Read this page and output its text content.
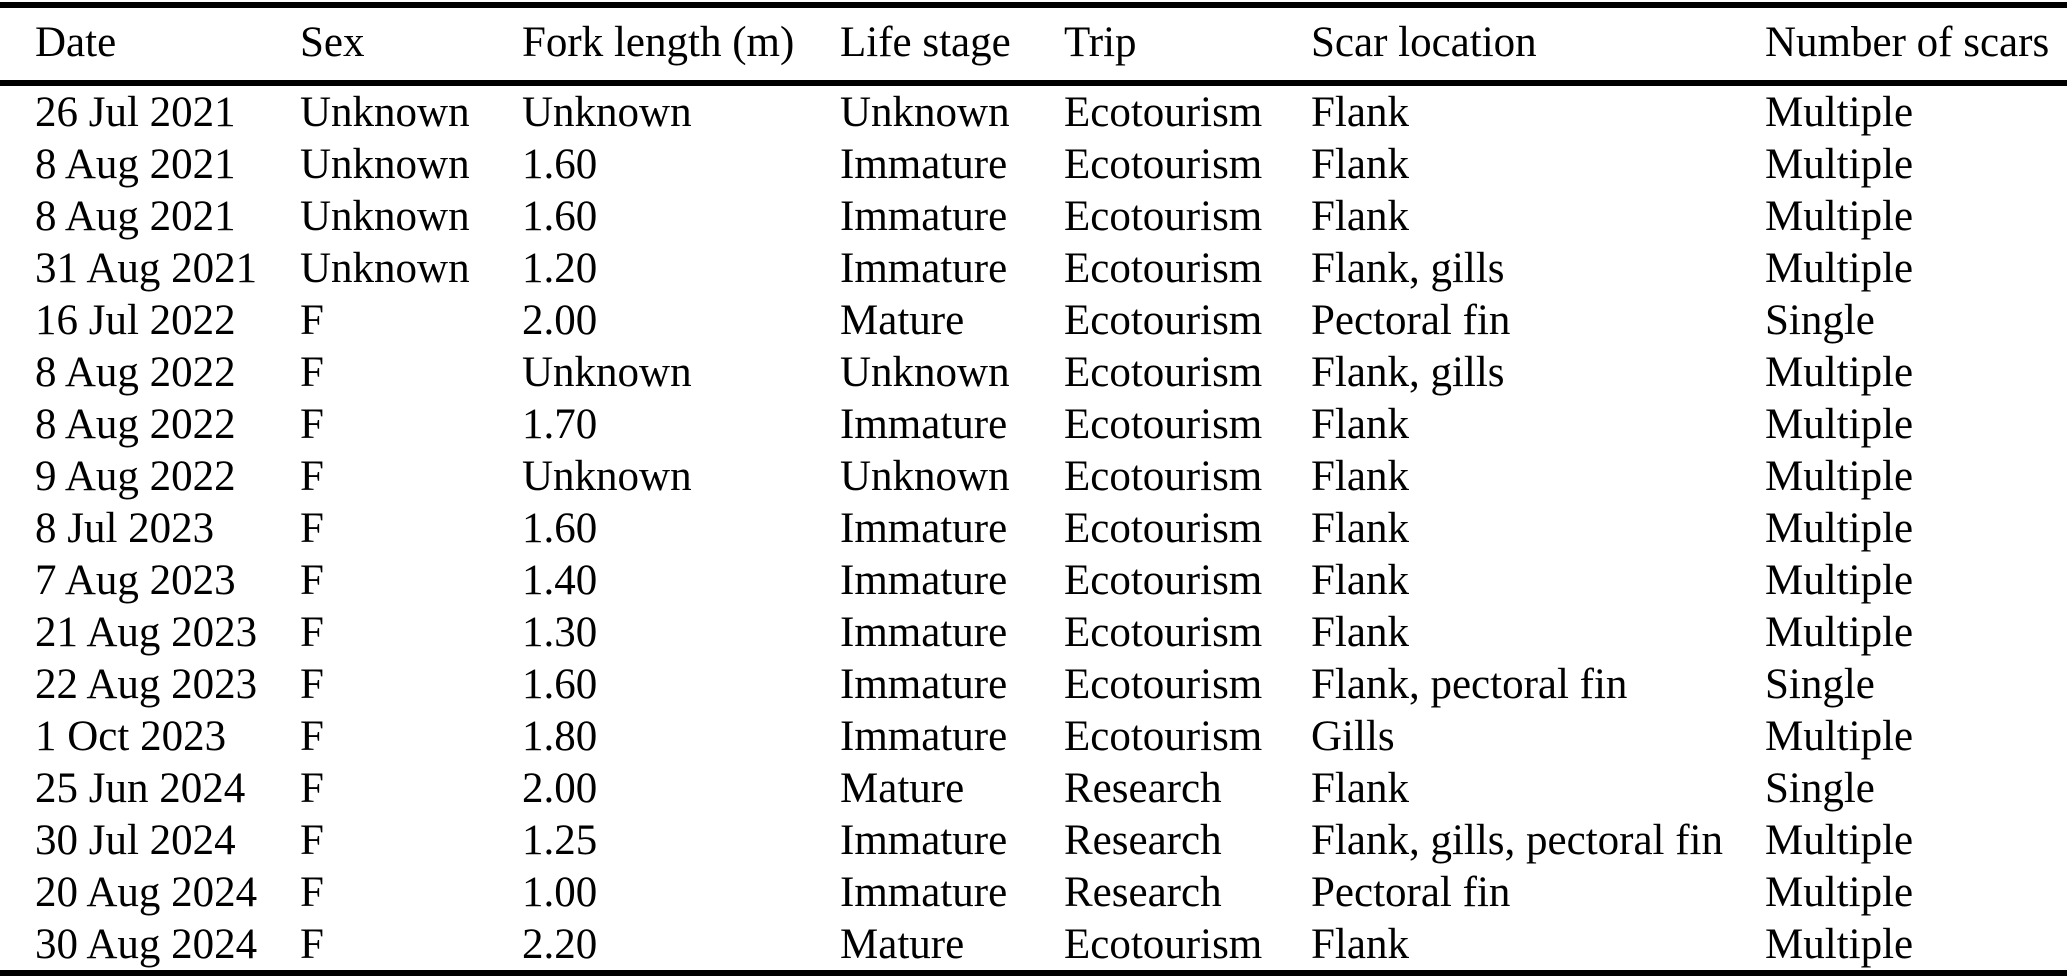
Date	Sex	Fork length (m)	Life stage	Trip	Scar location	Number of scars
26 Jul 2021	Unknown	Unknown	Unknown	Ecotourism	Flank	Multiple
8 Aug 2021	Unknown	1.60	Immature	Ecotourism	Flank	Multiple
8 Aug 2021	Unknown	1.60	Immature	Ecotourism	Flank	Multiple
31 Aug 2021	Unknown	1.20	Immature	Ecotourism	Flank, gills	Multiple
16 Jul 2022	F	2.00	Mature	Ecotourism	Pectoral fin	Single
8 Aug 2022	F	Unknown	Unknown	Ecotourism	Flank, gills	Multiple
8 Aug 2022	F	1.70	Immature	Ecotourism	Flank	Multiple
9 Aug 2022	F	Unknown	Unknown	Ecotourism	Flank	Multiple
8 Jul 2023	F	1.60	Immature	Ecotourism	Flank	Multiple
7 Aug 2023	F	1.40	Immature	Ecotourism	Flank	Multiple
21 Aug 2023	F	1.30	Immature	Ecotourism	Flank	Multiple
22 Aug 2023	F	1.60	Immature	Ecotourism	Flank, pectoral fin	Single
1 Oct 2023	F	1.80	Immature	Ecotourism	Gills	Multiple
25 Jun 2024	F	2.00	Mature	Research	Flank	Single
30 Jul 2024	F	1.25	Immature	Research	Flank, gills, pectoral fin	Multiple
20 Aug 2024	F	1.00	Immature	Research	Pectoral fin	Multiple
30 Aug 2024	F	2.20	Mature	Ecotourism	Flank	Multiple
